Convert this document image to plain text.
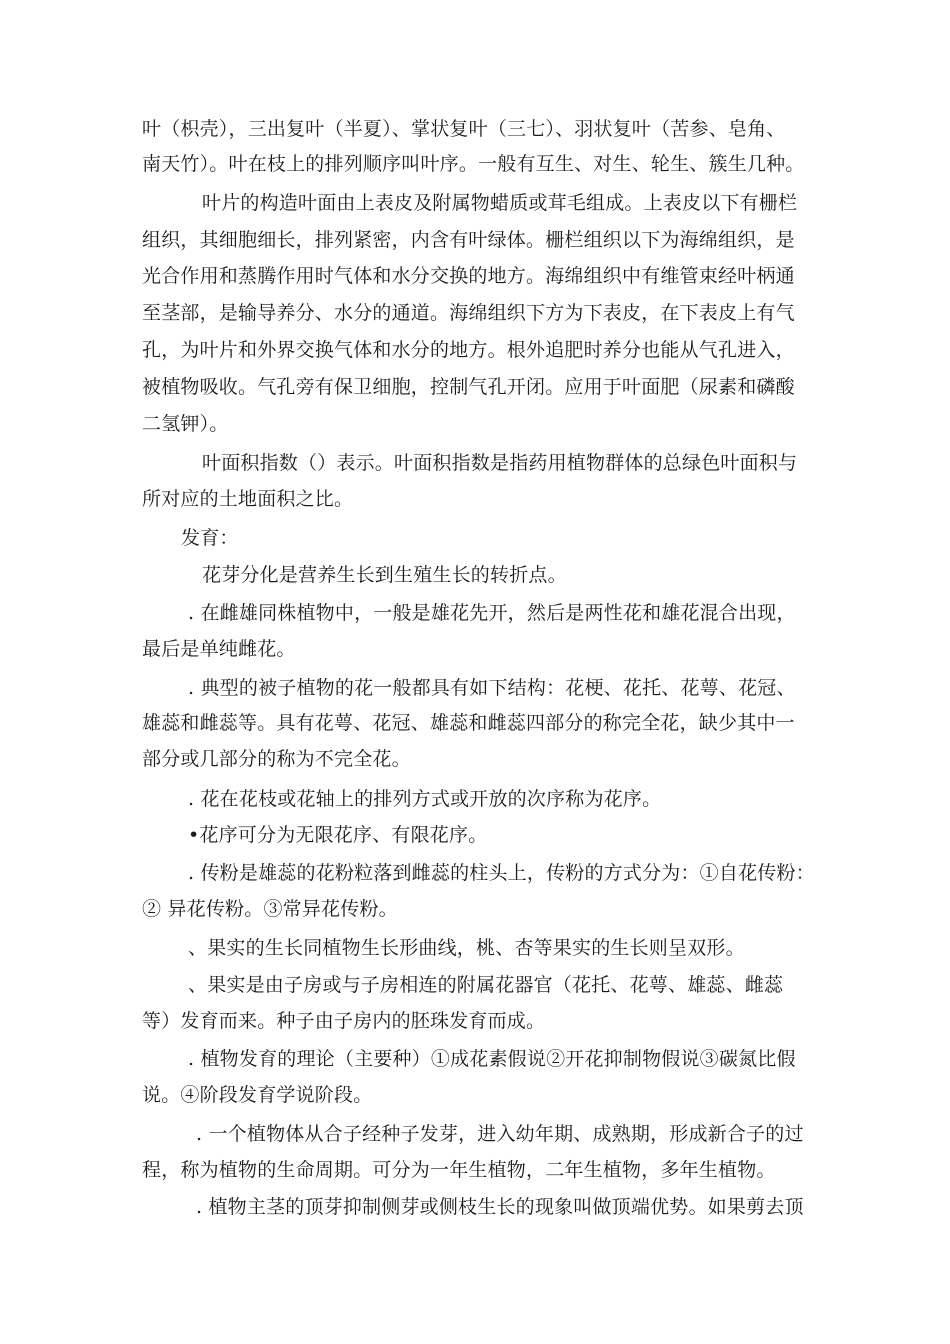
叶（枳壳），三出复叶（半夏）、掌状复叶（三七）、羽状复叶（苦参、皂角、
南天竹）。叶在枝上的排列顺序叫叶序。一般有互生、对生、轮生、簇生几种。
叶片的构造叶面由上表皮及附属物蜡质或茸毛组成。上表皮以下有栅栏
组织，其细胞细长，排列紧密，内含有叶绿体。栅栏组织以下为海绵组织，是
光合作用和蒸腾作用时气体和水分交换的地方。海绵组织中有维管束经叶柄通
至茎部，是输导养分、水分的通道。海绵组织下方为下表皮，在下表皮上有气
孔，为叶片和外界交换气体和水分的地方。根外追肥时养分也能从气孔进入，
被植物吸收。气孔旁有保卫细胞，控制气孔开闭。应用于叶面肥（尿素和磷酸
二氢钾）。
叶面积指数（）表示。叶面积指数是指药用植物群体的总绿色叶面积与
所对应的土地面积之比。
发育：
花芽分化是营养生长到生殖生长的转折点。
. 在雌雄同株植物中，一般是雄花先开，然后是两性花和雄花混合出现，
最后是单纯雌花。
. 典型的被子植物的花一般都具有如下结构：花梗、花托、花萼、花冠、
雄蕊和雌蕊等。具有花萼、花冠、雄蕊和雌蕊四部分的称完全花，缺少其中一
部分或几部分的称为不完全花。
. 花在花枝或花轴上的排列方式或开放的次序称为花序。
•花序可分为无限花序、有限花序。
. 传粉是雄蕊的花粉粒落到雌蕊的柱头上，传粉的方式分为：①自花传粉：
② 异花传粉。③常异花传粉。
、果实的生长同植物生长形曲线，桃、杏等果实的生长则呈双形。
、果实是由子房或与子房相连的附属花器官（花托、花萼、雄蕊、雌蕊
等）发育而来。种子由子房内的胚珠发育而成。
. 植物发育的理论（主要种）①成花素假说②开花抑制物假说③碳氮比假
说。④阶段发育学说阶段。
. 一个植物体从合子经种子发芽，进入幼年期、成熟期，形成新合子的过
程，称为植物的生命周期。可分为一年生植物，二年生植物，多年生植物。
. 植物主茎的顶芽抑制侧芽或侧枝生长的现象叫做顶端优势。如果剪去顶
